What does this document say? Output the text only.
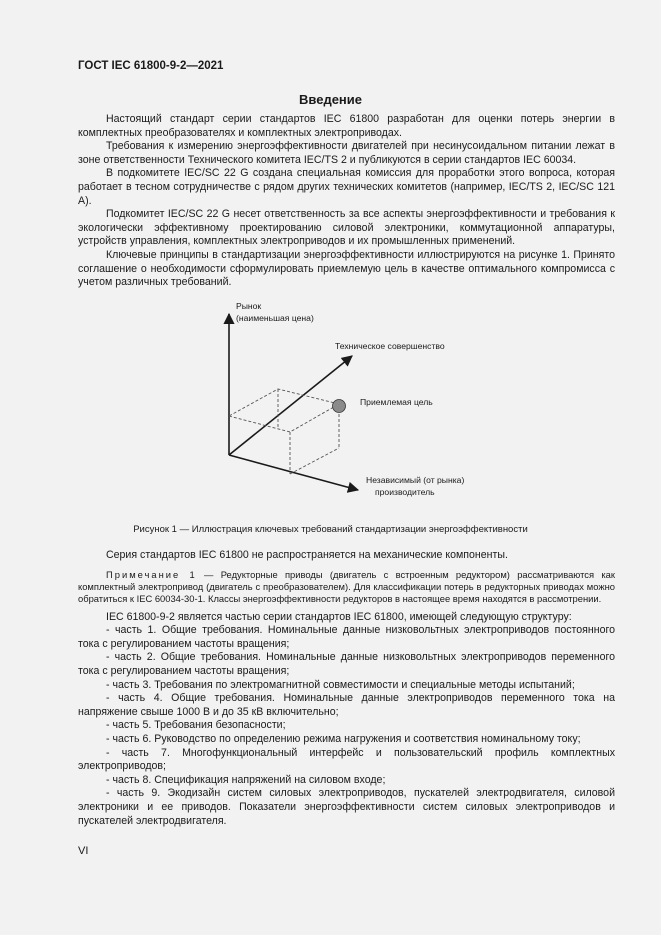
ГОСТ IEC 61800-9-2—2021
Введение

Настоящий стандарт серии стандартов IEC 61800 разработан для оценки потерь энергии в комплектных преобразователях и комплектных электроприводах.

Требования к измерению энергоэффективности двигателей при несинусоидальном питании лежат в зоне ответственности Технического комитета IEC/TS 2 и публикуются в серии стандартов IEC 60034.

В подкомитете IEC/SC 22 G создана специальная комиссия для проработки этого вопроса, которая работает в тесном сотрудничестве с рядом других технических комитетов (например, IEC/TS 2, IEC/SC 121 A).

Подкомитет IEC/SC 22 G несет ответственность за все аспекты энергоэффективности и требования к экологически эффективному проектированию силовой электроники, коммутационной аппаратуры, устройств управления, комплектных электроприводов и их промышленных применений.

Ключевые принципы в стандартизации энергоэффективности иллюстрируются на рисунке 1. Принято соглашение о необходимости сформулировать приемлемую цель в качестве оптимального компромисса с учетом различных требований.

Рынок
(наименьшая цена)
Техническое совершенство
Приемлемая цель
Независимый (от рынка)
производитель
Рисунок 1 — Иллюстрация ключевых требований стандартизации энергоэффективности

Серия стандартов IEC 61800 не распространяется на механические компоненты.

Примечание 1 — Редукторные приводы (двигатель с встроенным редуктором) рассматриваются как комплектный электропривод (двигатель с преобразователем). Для классификации потерь в редукторных приводах можно обратиться к IEC 60034-30-1. Классы энергоэффективности редукторов в настоящее время находятся в рассмотрении.

IEC 61800-9-2 является частью серии стандартов IEC 61800, имеющей следующую структуру:

- часть 1. Общие требования. Номинальные данные низковольтных электроприводов постоянного тока с регулированием частоты вращения;

- часть 2. Общие требования. Номинальные данные низковольтных электроприводов переменного тока с регулированием частоты вращения;

- часть 3. Требования по электромагнитной совместимости и специальные методы испытаний;

- часть 4. Общие требования. Номинальные данные электроприводов переменного тока на напряжение свыше 1000 В и до 35 кВ включительно;

- часть 5. Требования безопасности;

- часть 6. Руководство по определению режима нагружения и соответствия номинальному току;

- часть 7. Многофункциональный интерфейс и пользовательский профиль комплектных электроприводов;

- часть 8. Спецификация напряжений на силовом входе;

- часть 9. Экодизайн систем силовых электроприводов, пускателей электродвигателя, силовой электроники и ее приводов. Показатели энергоэффективности систем силовых электроприводов и пускателей электродвигателя.

VI
